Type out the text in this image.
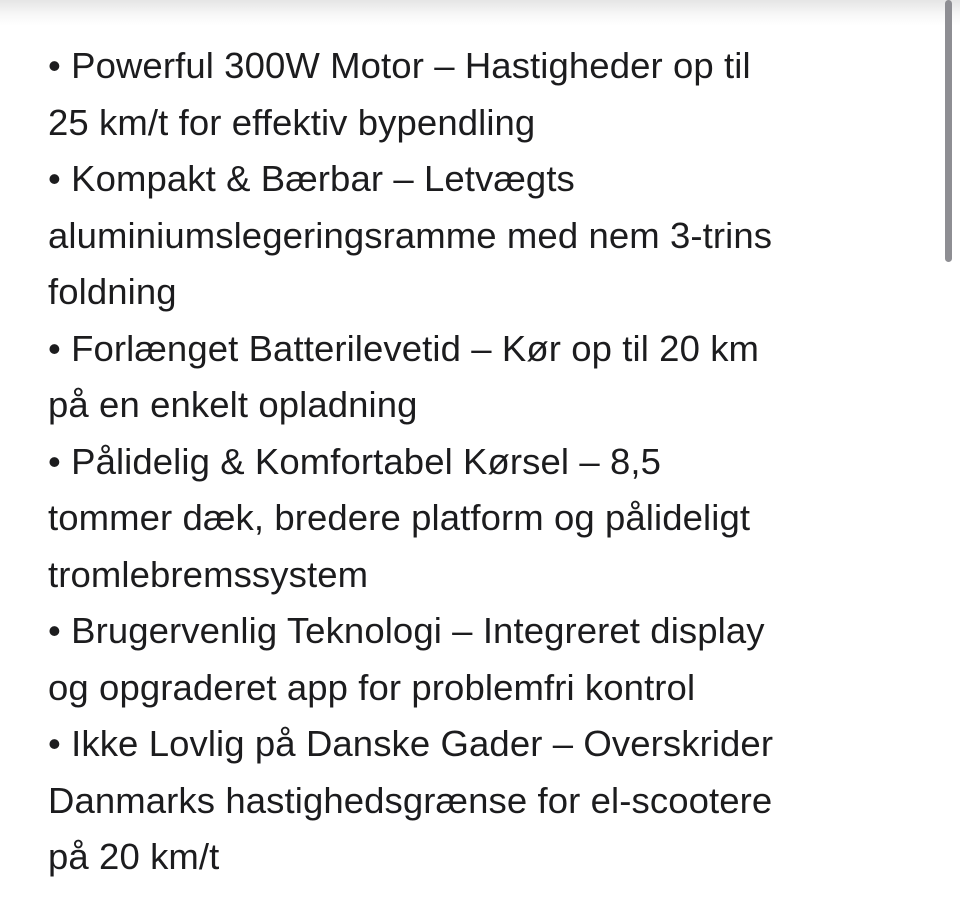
• Powerful 300W Motor – Hastigheder op til
25 km/t for effektiv bypendling
• Kompakt & Bærbar – Letvægts
aluminiumslegeringsramme med nem 3-trins
foldning
• Forlænget Batterilevetid – Kør op til 20 km
på en enkelt opladning
• Pålidelig & Komfortabel Kørsel – 8,5
tommer dæk, bredere platform og pålideligt
tromlebremssystem
• Brugervenlig Teknologi – Integreret display
og opgraderet app for problemfri kontrol
• Ikke Lovlig på Danske Gader – Overskrider
Danmarks hastighedsgrænse for el-scootere
på 20 km/t
